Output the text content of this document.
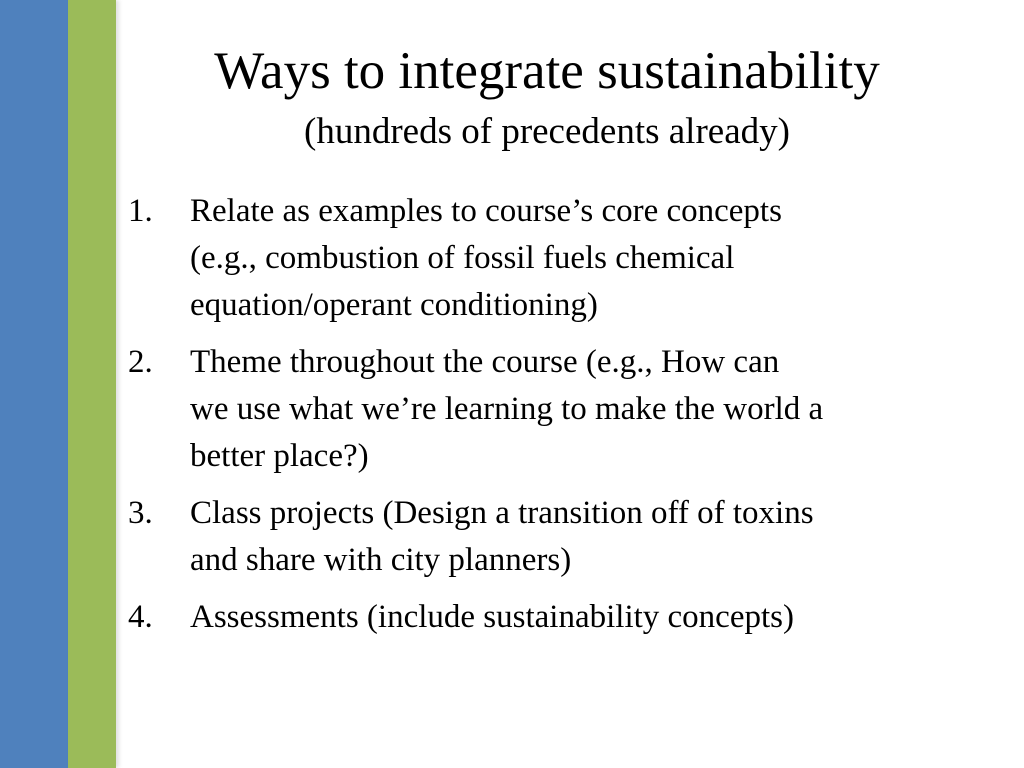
Ways to integrate sustainability
(hundreds of precedents already)
1.	Relate as examples to course’s core concepts
(e.g., combustion of fossil fuels chemical
equation/operant conditioning)
2.	Theme throughout the course (e.g., How can
we use what we’re learning to make the world a
better place?)
3.	Class projects (Design a transition off of toxins
and share with city planners)
4.	Assessments (include sustainability concepts)
